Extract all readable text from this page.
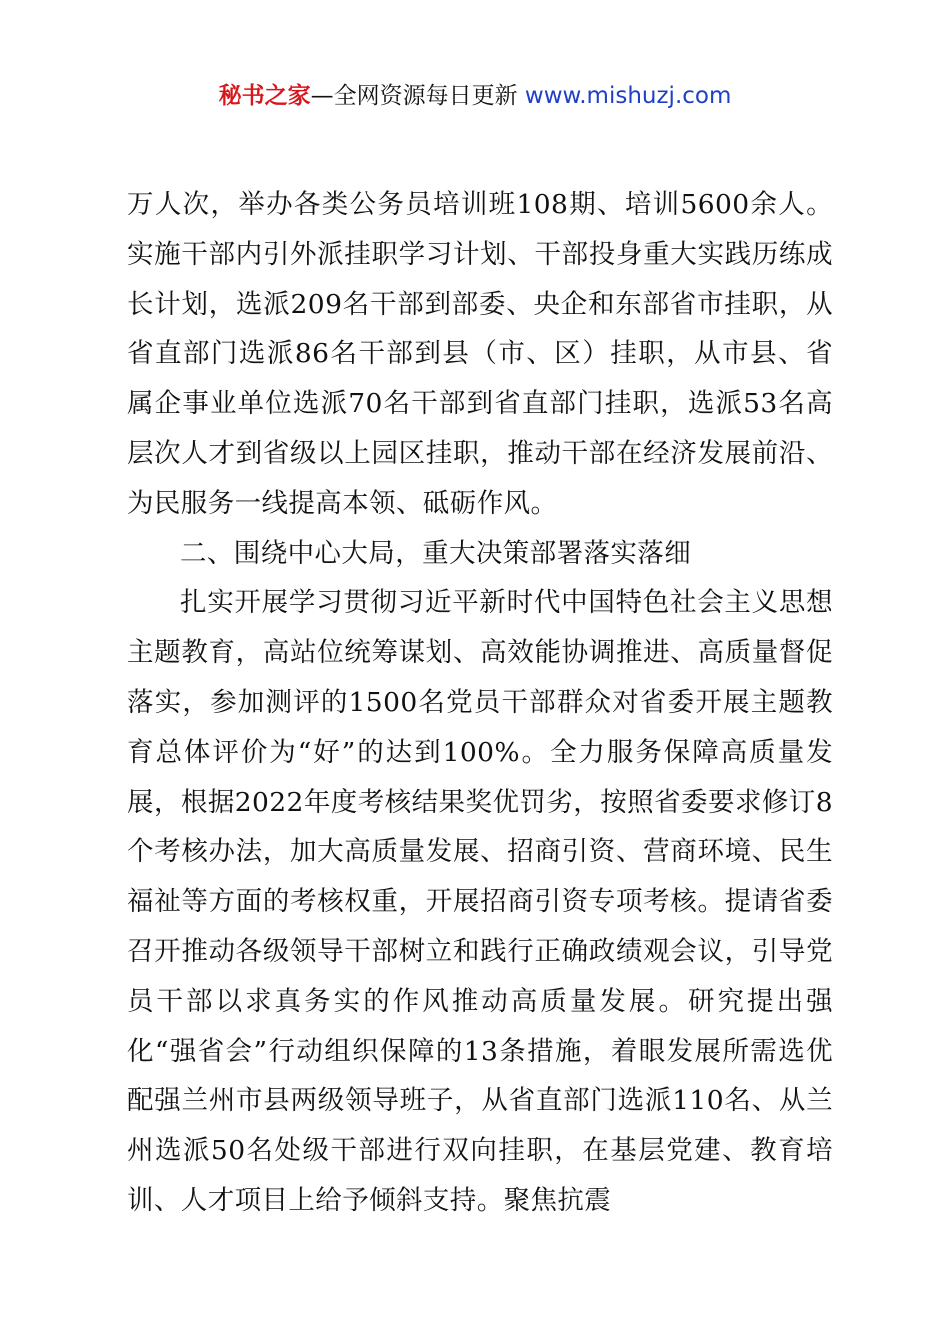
秘书之家—全网资源每日更新 www.mishuzj.com

万人次，举办各类公务员培训班108期、培训5600余人。实施干部内引外派挂职学习计划、干部投身重大实践历练成长计划，选派209名干部到部委、央企和东部省市挂职，从省直部门选派86名干部到县（市、区）挂职，从市县、省属企事业单位选派70名干部到省直部门挂职，选派53名高层次人才到省级以上园区挂职，推动干部在经济发展前沿、为民服务一线提高本领、砥砺作风。

二、围绕中心大局，重大决策部署落实落细

扎实开展学习贯彻习近平新时代中国特色社会主义思想主题教育，高站位统筹谋划、高效能协调推进、高质量督促落实，参加测评的1500名党员干部群众对省委开展主题教育总体评价为“好”的达到100%。全力服务保障高质量发展，根据2022年度考核结果奖优罚劣，按照省委要求修订8个考核办法，加大高质量发展、招商引资、营商环境、民生福祉等方面的考核权重，开展招商引资专项考核。提请省委召开推动各级领导干部树立和践行正确政绩观会议，引导党员干部以求真务实的作风推动高质量发展。研究提出强化“强省会”行动组织保障的13条措施，着眼发展所需选优配强兰州市县两级领导班子，从省直部门选派110名、从兰州选派50名处级干部进行双向挂职，在基层党建、教育培训、人才项目上给予倾斜支持。聚焦抗震
